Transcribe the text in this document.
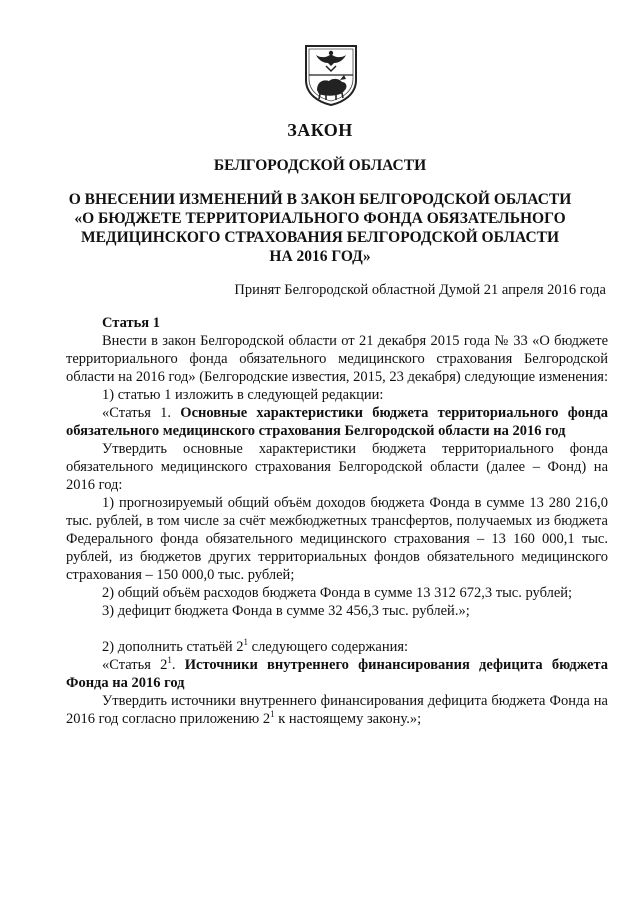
ЗАКОН
БЕЛГОРОДСКОЙ ОБЛАСТИ
О ВНЕСЕНИИ ИЗМЕНЕНИЙ В ЗАКОН БЕЛГОРОДСКОЙ ОБЛАСТИ
«О БЮДЖЕТЕ ТЕРРИТОРИАЛЬНОГО ФОНДА ОБЯЗАТЕЛЬНОГО
МЕДИЦИНСКОГО СТРАХОВАНИЯ БЕЛГОРОДСКОЙ ОБЛАСТИ
НА 2016 ГОД»
Принят Белгородской областной Думой 21 апреля 2016 года

Статья 1

Внести в закон Белгородской области от 21 декабря 2015 года № 33 «О бюджете территориального фонда обязательного медицинского страхования Белгородской области на 2016 год» (Белгородские известия, 2015, 23 декабря) следующие изменения:

1) статью 1 изложить в следующей редакции:

«Статья 1. Основные характеристики бюджета территориального фонда обязательного медицинского страхования Белгородской области на 2016 год

Утвердить основные характеристики бюджета территориального фонда обязательного медицинского страхования Белгородской области (далее – Фонд) на 2016 год:

1) прогнозируемый общий объём доходов бюджета Фонда в сумме 13 280 216,0 тыс. рублей, в том числе за счёт межбюджетных трансфертов, получаемых из бюджета Федерального фонда обязательного медицинского страхования – 13 160 000,1 тыс. рублей, из бюджетов других территориальных фондов обязательного медицинского страхования – 150 000,0 тыс. рублей;

2) общий объём расходов бюджета Фонда в сумме 13 312 672,3 тыс. рублей;

3) дефицит бюджета Фонда в сумме 32 456,3 тыс. рублей.»;

2) дополнить статьёй $2^1$ следующего содержания:

«Статья $2^1$. Источники внутреннего финансирования дефицита бюджета Фонда на 2016 год

Утвердить источники внутреннего финансирования дефицита бюджета Фонда на 2016 год согласно приложению $2^1$ к настоящему закону.»;
